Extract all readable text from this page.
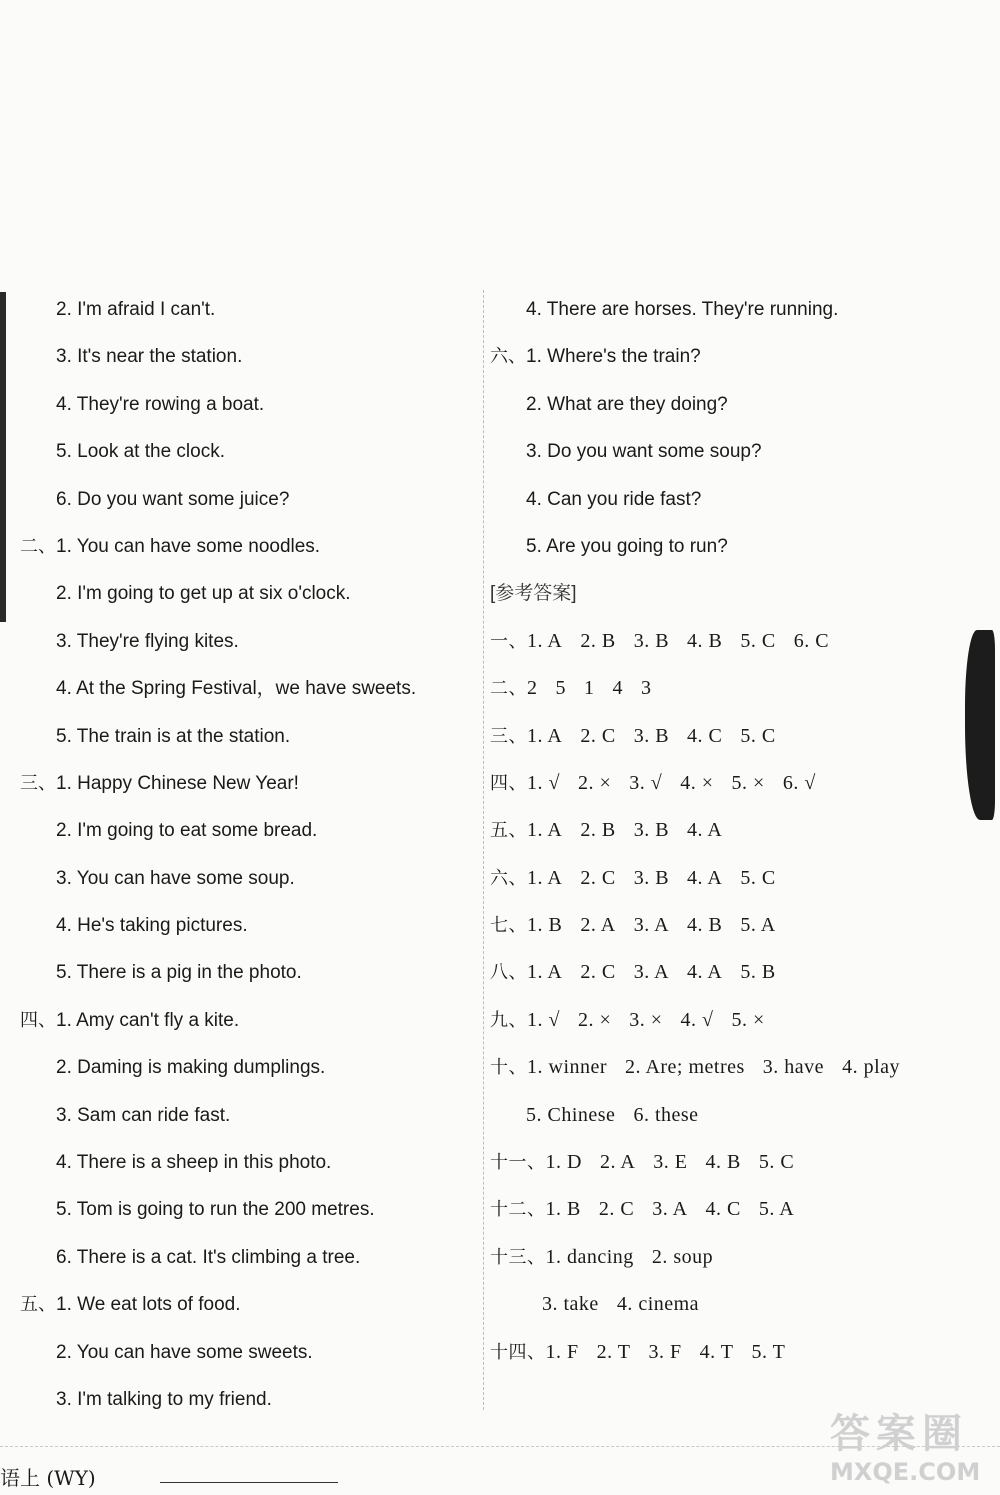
2. I'm afraid I can't.
3. It's near the station.
4. They're rowing a boat.
5. Look at the clock.
6. Do you want some juice?
二、1. You can have some noodles.
2. I'm going to get up at six o'clock.
3. They're flying kites.
4. At the Spring Festival，we have sweets.
5. The train is at the station.
三、1. Happy Chinese New Year!
2. I'm going to eat some bread.
3. You can have some soup.
4. He's taking pictures.
5. There is a pig in the photo.
四、1. Amy can't fly a kite.
2. Daming is making dumplings.
3. Sam can ride fast.
4. There is a sheep in this photo.
5. Tom is going to run the 200 metres.
6. There is a cat. It's climbing a tree.
五、1. We eat lots of food.
2. You can have some sweets.
3. I'm talking to my friend.
4. There are horses. They're running.
六、1. Where's the train?
2. What are they doing?
3. Do you want some soup?
4. Can you ride fast?
5. Are you going to run?
[参考答案]
一、1. A 2. B 3. B 4. B 5. C 6. C
二、2 5 1 4 3
三、1. A 2. C 3. B 4. C 5. C
四、1. √ 2. × 3. √ 4. × 5. × 6. √
五、1. A 2. B 3. B 4. A
六、1. A 2. C 3. B 4. A 5. C
七、1. B 2. A 3. A 4. B 5. A
八、1. A 2. C 3. A 4. A 5. B
九、1. √ 2. × 3. × 4. √ 5. ×
十、1. winner 2. Are; metres 3. have 4. play
5. Chinese 6. these
十一、1. D 2. A 3. E 4. B 5. C
十二、1. B 2. C 3. A 4. C 5. A
十三、1. dancing 2. soup
3. take 4. cinema
十四、1. F 2. T 3. F 4. T 5. T
语上 (WY)
答案圈
MXQE.COM
